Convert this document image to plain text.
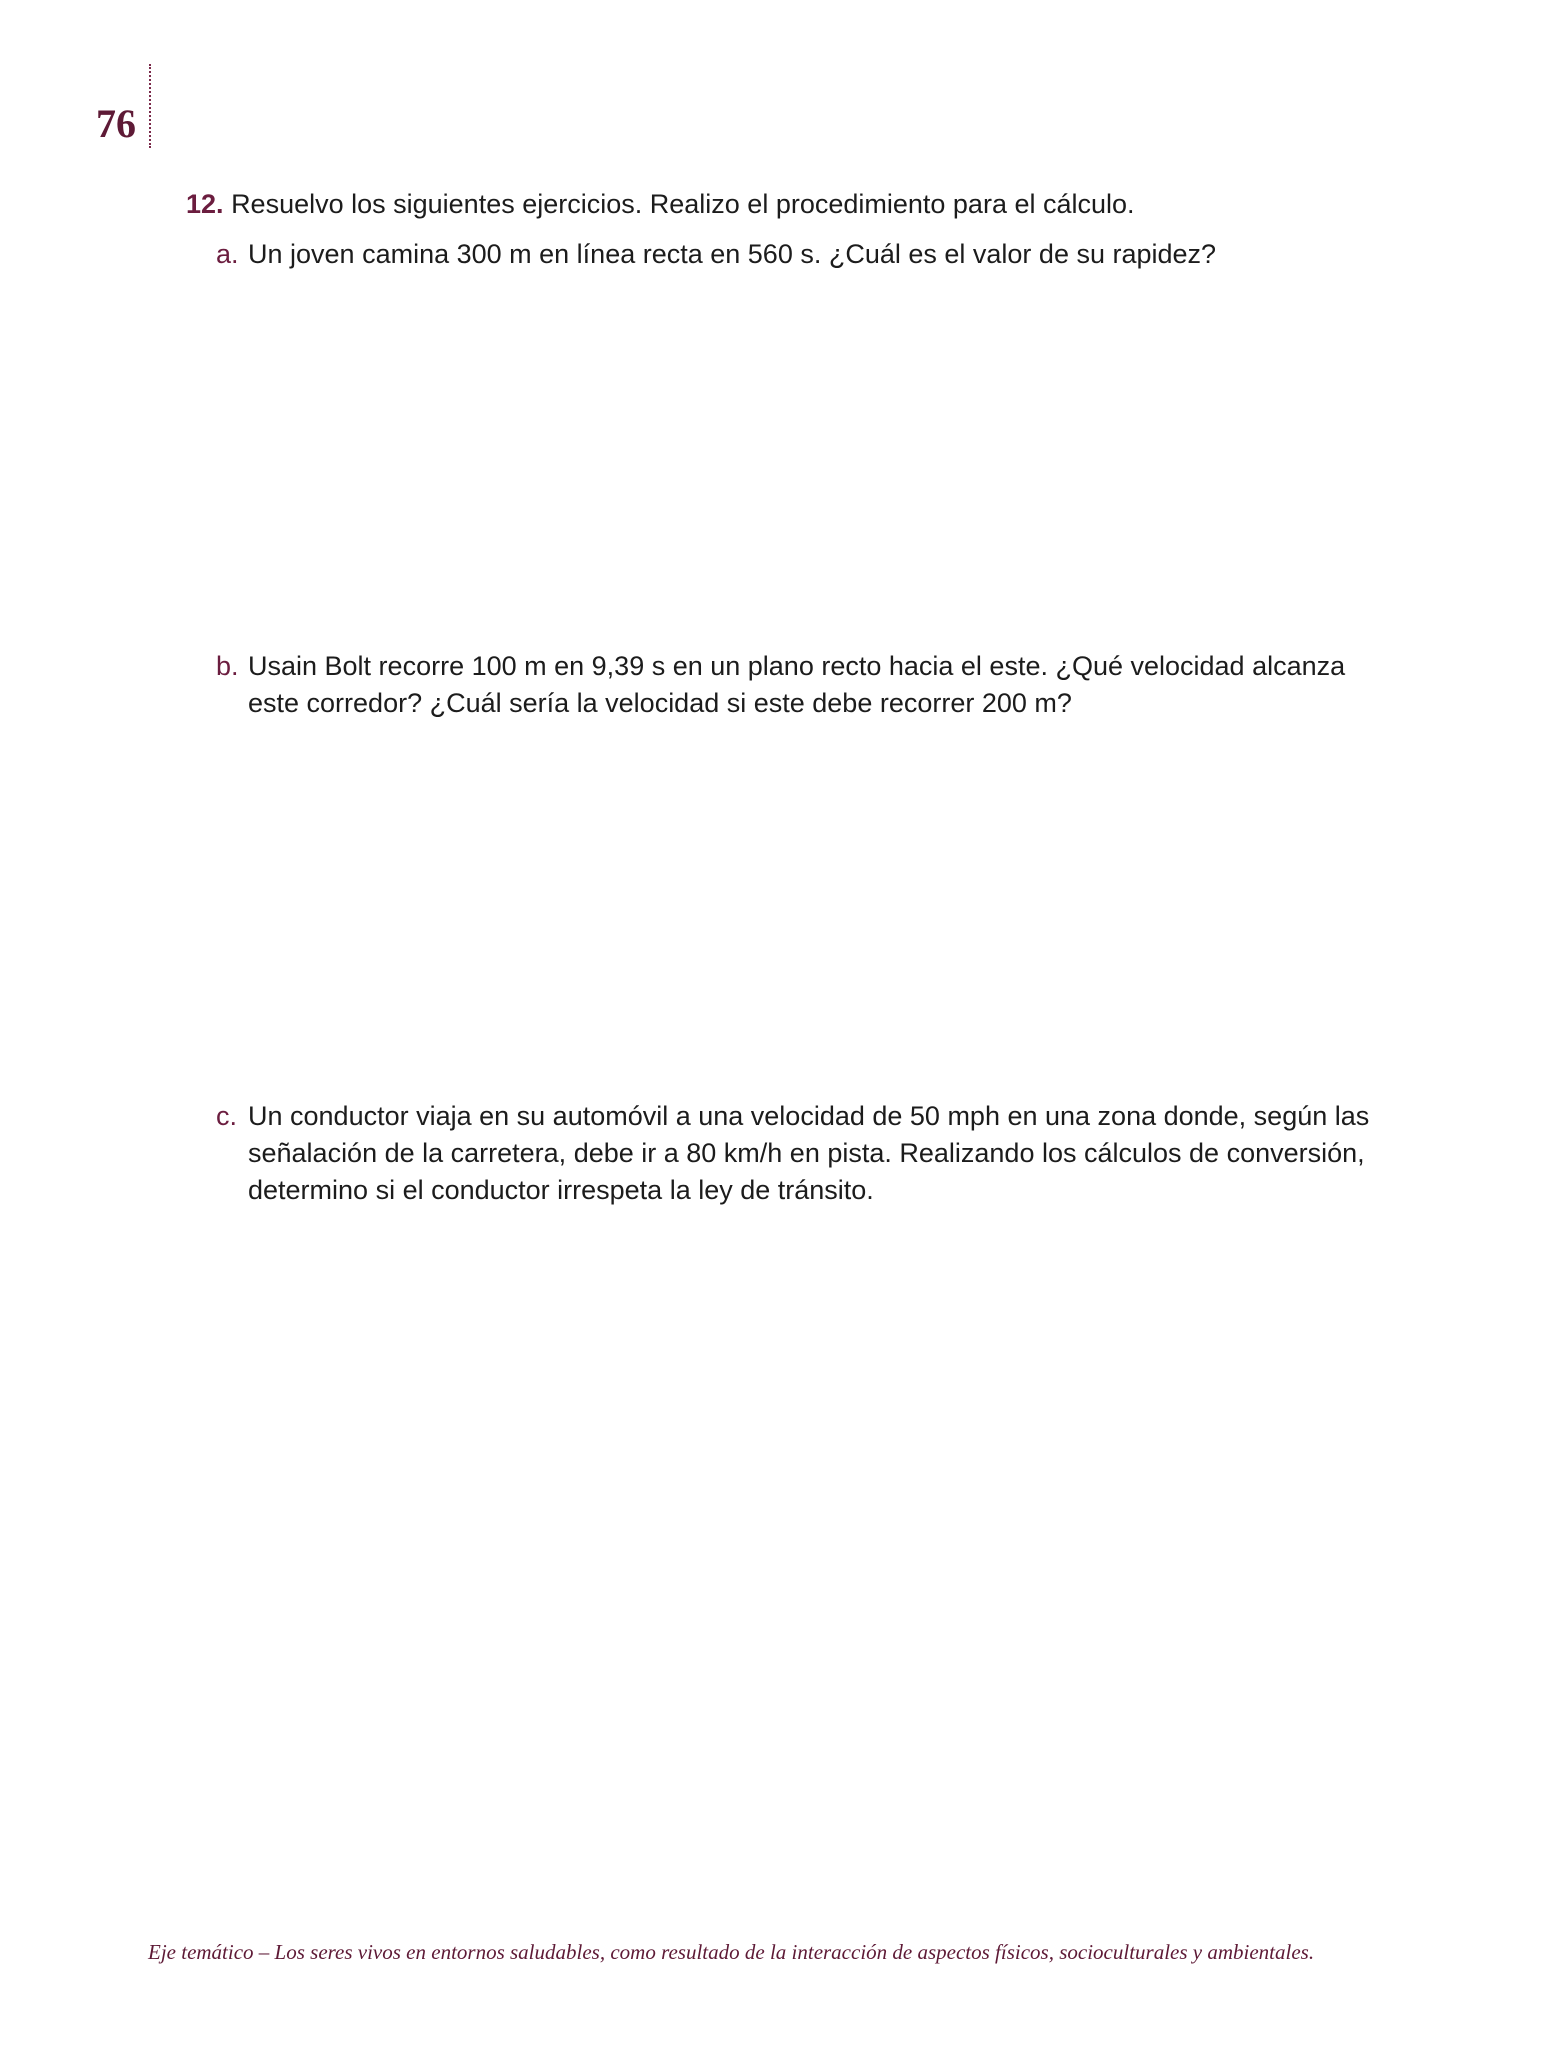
76
12. Resuelvo los siguientes ejercicios. Realizo el procedimiento para el cálculo.
a. Un joven camina 300 m en línea recta en 560 s. ¿Cuál es el valor de su rapidez?
b. Usain Bolt recorre 100 m en 9,39 s en un plano recto hacia el este. ¿Qué velocidad alcanza este corredor? ¿Cuál sería la velocidad si este debe recorrer 200 m?
c. Un conductor viaja en su automóvil a una velocidad de 50 mph en una zona donde, según las señalación de la carretera, debe ir a 80 km/h en pista. Realizando los cálculos de conversión, determino si el conductor irrespeta la ley de tránsito.
Eje temático – Los seres vivos en entornos saludables, como resultado de la interacción de aspectos físicos, socioculturales y ambientales.
